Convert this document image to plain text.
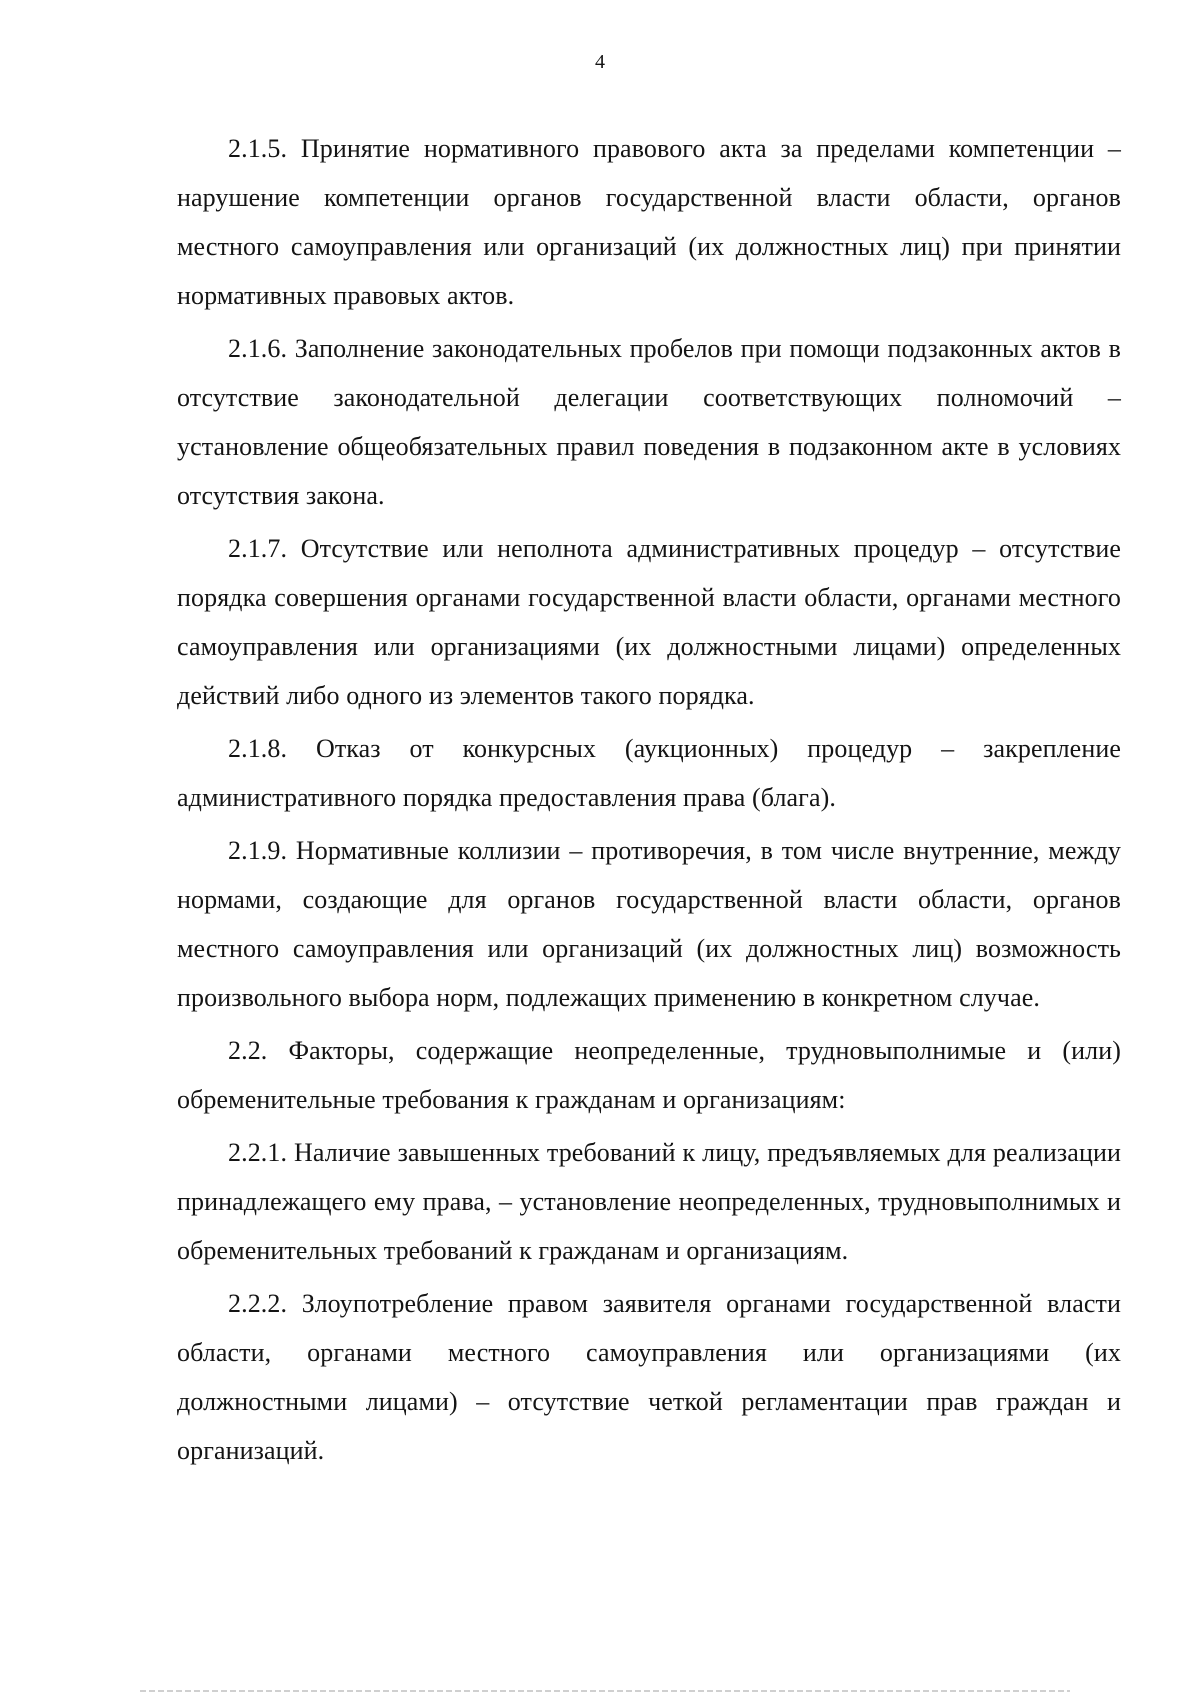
4

2.1.5. Принятие нормативного правового акта за пределами компетенции – нарушение компетенции органов государственной власти области, органов местного самоуправления или организаций (их должностных лиц) при принятии нормативных правовых актов.

2.1.6. Заполнение законодательных пробелов при помощи подзаконных актов в отсутствие законодательной делегации соответствующих полномочий – установление общеобязательных правил поведения в подзаконном акте в условиях отсутствия закона.

2.1.7. Отсутствие или неполнота административных процедур – отсутствие порядка совершения органами государственной власти области, органами местного самоуправления или организациями (их должностными лицами) определенных действий либо одного из элементов такого порядка.

2.1.8. Отказ от конкурсных (аукционных) процедур – закрепление административного порядка предоставления права (блага).

2.1.9. Нормативные коллизии – противоречия, в том числе внутренние, между нормами, создающие для органов государственной власти области, органов местного самоуправления или организаций (их должностных лиц) возможность произвольного выбора норм, подлежащих применению в конкретном случае.

2.2. Факторы, содержащие неопределенные, трудновыполнимые и (или) обременительные требования к гражданам и организациям:

2.2.1. Наличие завышенных требований к лицу, предъявляемых для реализации принадлежащего ему права, – установление неопределенных, трудновыполнимых и обременительных требований к гражданам и организациям.

2.2.2. Злоупотребление правом заявителя органами государственной власти области, органами местного самоуправления или организациями (их должностными лицами) – отсутствие четкой регламентации прав граждан и организаций.
